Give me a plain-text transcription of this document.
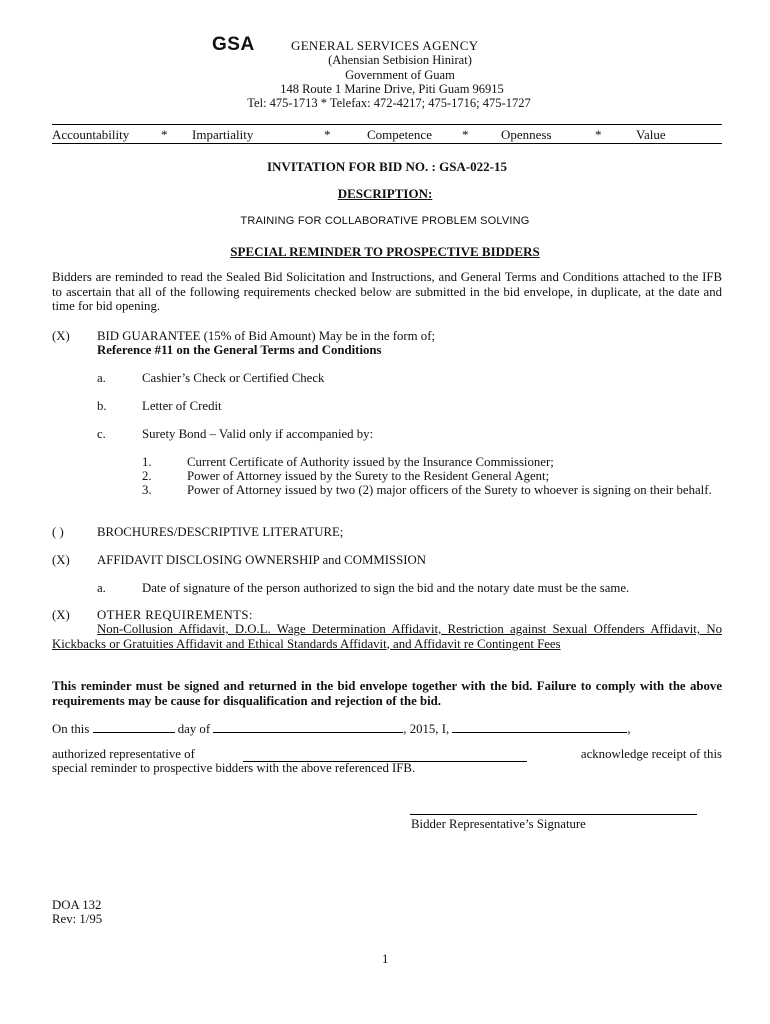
GSA	GENERAL SERVICES AGENCY
(Ahensian Setbision Hinirat)
Government of Guam
148 Route 1 Marine Drive, Piti Guam 96915
Tel: 475-1713 * Telefax: 472-4217; 475-1716; 475-1727
Accountability * Impartiality	*	Competence *	Openness	*	Value
INVITATION FOR BID NO. : GSA-022-15
DESCRIPTION:
TRAINING FOR COLLABORATIVE PROBLEM SOLVING
SPECIAL REMINDER TO PROSPECTIVE BIDDERS
Bidders are reminded to read the Sealed Bid Solicitation and Instructions, and General Terms and Conditions attached to the IFB to ascertain that all of the following requirements checked below are submitted in the bid envelope, in duplicate, at the date and time for bid opening.
(X) BID GUARANTEE (15% of Bid Amount) May be in the form of;
Reference #11 on the General Terms and Conditions
a.	Cashier’s Check or Certified Check
b.	Letter of Credit
c.	Surety Bond – Valid only if accompanied by:
1.	Current Certificate of Authority issued by the Insurance Commissioner;
2.	Power of Attorney issued by the Surety to the Resident General Agent;
3.	Power of Attorney issued by two (2) major officers of the Surety to whoever is signing on their behalf.
( )	BROCHURES/DESCRIPTIVE LITERATURE;
(X) AFFIDAVIT DISCLOSING OWNERSHIP and COMMISSION
a.	Date of signature of the person authorized to sign the bid and the notary date must be the same.
(X) OTHER REQUIREMENTS:
Non-Collusion Affidavit, D.O.L. Wage Determination Affidavit, Restriction against Sexual Offenders Affidavit, No Kickbacks or Gratuities Affidavit and Ethical Standards Affidavit, and Affidavit re Contingent Fees
This reminder must be signed and returned in the bid envelope together with the bid. Failure to comply with the above requirements may be cause for disqualification and rejection of the bid.
On this	day of	, 2015, I,	,
authorized representative of	acknowledge receipt of this
special reminder to prospective bidders with the above referenced IFB.
Bidder Representative’s Signature
DOA 132
Rev: 1/95
1
